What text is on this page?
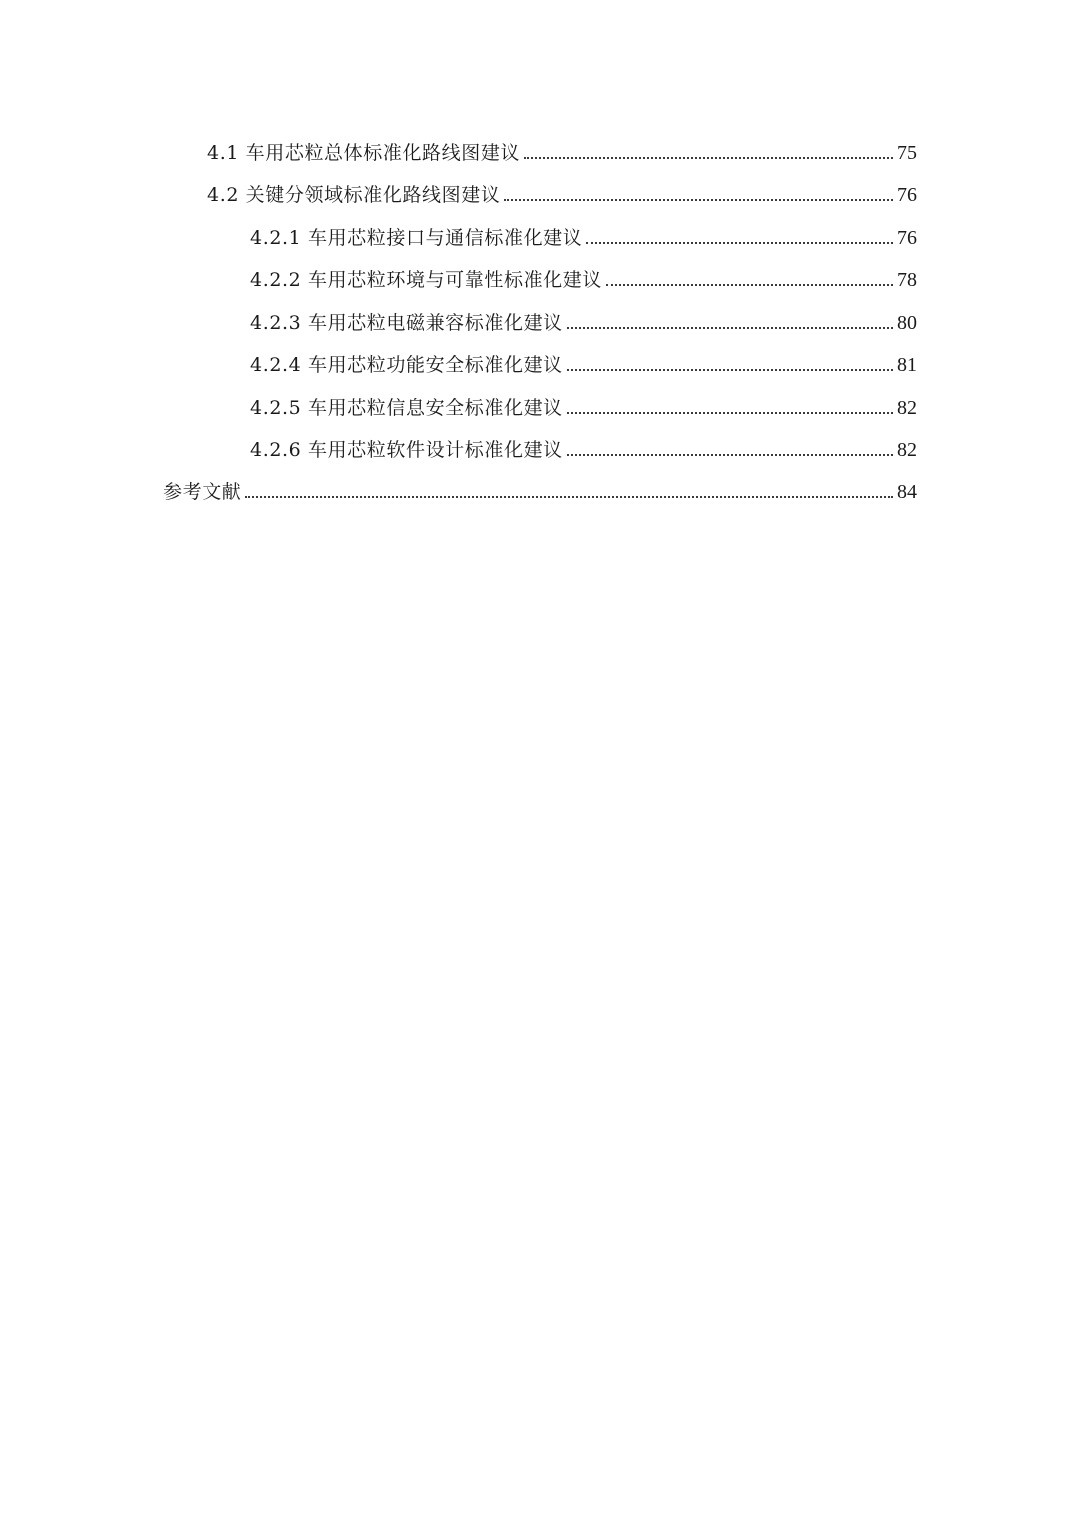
4.1 车用芯粒总体标准化路线图建议	75
4.2 关键分领域标准化路线图建议	76
4.2.1 车用芯粒接口与通信标准化建议	76
4.2.2 车用芯粒环境与可靠性标准化建议	78
4.2.3 车用芯粒电磁兼容标准化建议	80
4.2.4 车用芯粒功能安全标准化建议	81
4.2.5 车用芯粒信息安全标准化建议	82
4.2.6 车用芯粒软件设计标准化建议	82
参考文献	84
